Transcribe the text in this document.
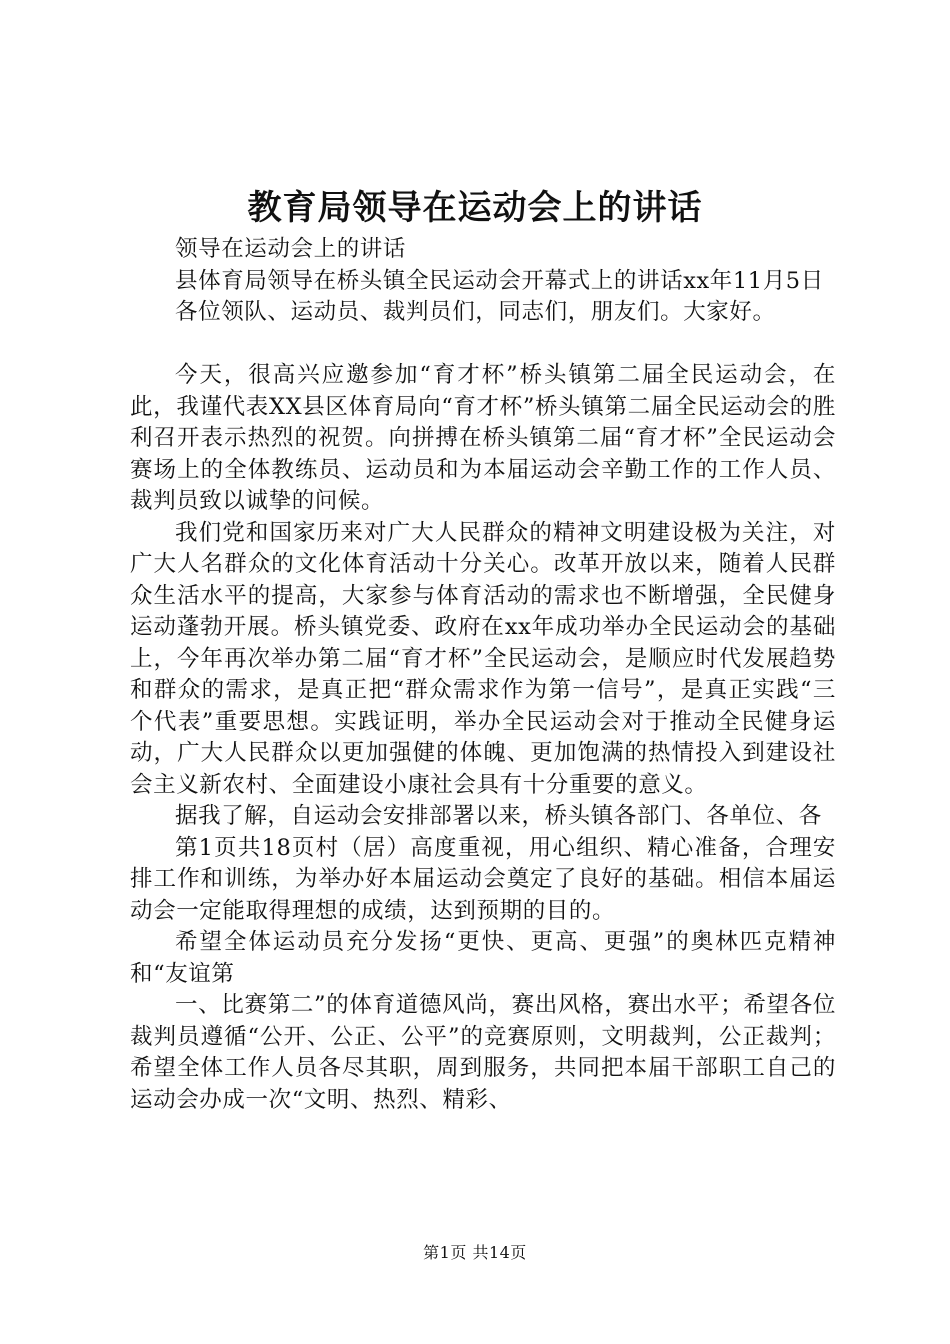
教育局领导在运动会上的讲话

领导在运动会上的讲话

县体育局领导在桥头镇全民运动会开幕式上的讲话xx年11月5日

各位领队、运动员、裁判员们，同志们，朋友们。大家好。

今天，很高兴应邀参加“育才杯”桥头镇第二届全民运动会，在此，我谨代表XX县区体育局向“育才杯”桥头镇第二届全民运动会的胜利召开表示热烈的祝贺。向拼搏在桥头镇第二届“育才杯”全民运动会赛场上的全体教练员、运动员和为本届运动会辛勤工作的工作人员、裁判员致以诚挚的问候。

我们党和国家历来对广大人民群众的精神文明建设极为关注，对广大人名群众的文化体育活动十分关心。改革开放以来，随着人民群众生活水平的提高，大家参与体育活动的需求也不断增强，全民健身运动蓬勃开展。桥头镇党委、政府在xx年成功举办全民运动会的基础上，今年再次举办第二届“育才杯”全民运动会，是顺应时代发展趋势和群众的需求，是真正把“群众需求作为第一信号”，是真正实践“三个代表”重要思想。实践证明，举办全民运动会对于推动全民健身运动，广大人民群众以更加强健的体魄、更加饱满的热情投入到建设社会主义新农村、全面建设小康社会具有十分重要的意义。

据我了解，自运动会安排部署以来，桥头镇各部门、各单位、各

第1页共18页村（居）高度重视，用心组织、精心准备，合理安排工作和训练，为举办好本届运动会奠定了良好的基础。相信本届运动会一定能取得理想的成绩，达到预期的目的。

希望全体运动员充分发扬“更快、更高、更强”的奥林匹克精神和“友谊第

一、比赛第二”的体育道德风尚，赛出风格，赛出水平；希望各位裁判员遵循“公开、公正、公平”的竞赛原则，文明裁判，公正裁判；希望全体工作人员各尽其职，周到服务，共同把本届干部职工自己的运动会办成一次“文明、热烈、精彩、

第1页 共14页
